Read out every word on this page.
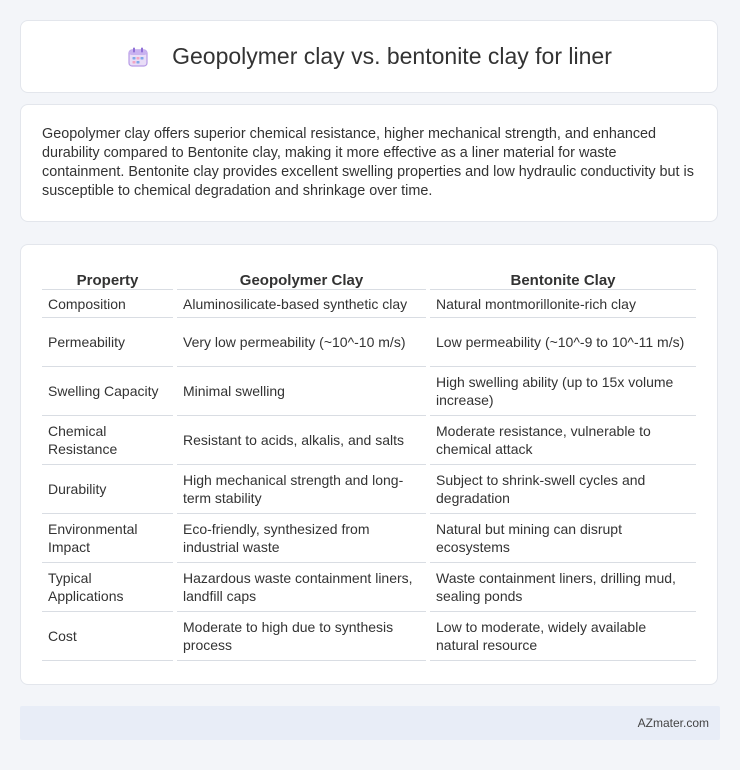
Geopolymer clay vs. bentonite clay for liner

Geopolymer clay offers superior chemical resistance, higher mechanical strength, and enhanced durability compared to Bentonite clay, making it more effective as a liner material for waste containment. Bentonite clay provides excellent swelling properties and low hydraulic conductivity but is susceptible to chemical degradation and shrinkage over time.

Property	Geopolymer Clay	Bentonite Clay
Composition	Aluminosilicate-based synthetic clay	Natural montmorillonite-rich clay
Permeability	Very low permeability (~10^-10 m/s)	Low permeability (~10^-9 to 10^-11 m/s)
Swelling Capacity	Minimal swelling	High swelling ability (up to 15x volume increase)
Chemical Resistance	Resistant to acids, alkalis, and salts	Moderate resistance, vulnerable to chemical attack
Durability	High mechanical strength and long-term stability	Subject to shrink-swell cycles and degradation
Environmental Impact	Eco-friendly, synthesized from industrial waste	Natural but mining can disrupt ecosystems
Typical Applications	Hazardous waste containment liners, landfill caps	Waste containment liners, drilling mud, sealing ponds
Cost	Moderate to high due to synthesis process	Low to moderate, widely available natural resource
AZmater.com
